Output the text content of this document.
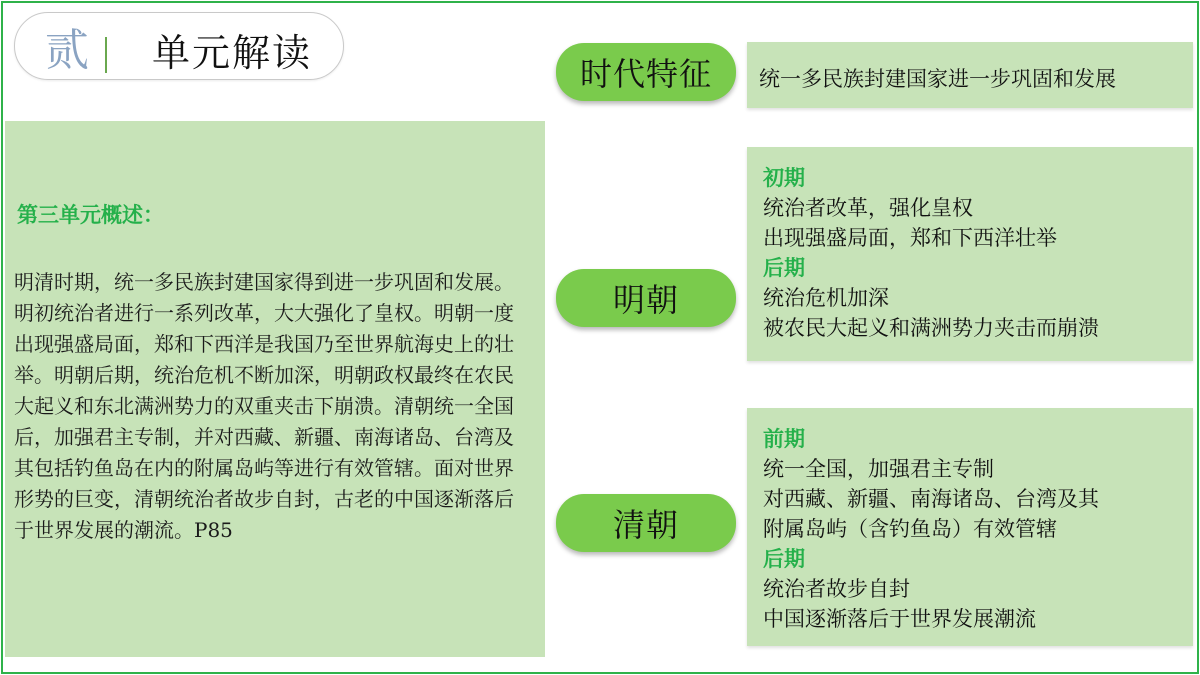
贰 单元解读
第三单元概述：
明清时期，统一多民族封建国家得到进一步巩固和发展。明初统治者进行一系列改革，大大强化了皇权。明朝一度出现强盛局面，郑和下西洋是我国乃至世界航海史上的壮举。明朝后期，统治危机不断加深，明朝政权最终在农民大起义和东北满洲势力的双重夹击下崩溃。清朝统一全国后，加强君主专制，并对西藏、新疆、南海诸岛、台湾及其包括钓鱼岛在内的附属岛屿等进行有效管辖。面对世界形势的巨变，清朝统治者故步自封，古老的中国逐渐落后于世界发展的潮流。P85
时代特征	统一多民族封建国家进一步巩固和发展
明朝
初期
统治者改革，强化皇权
出现强盛局面，郑和下西洋壮举
后期
统治危机加深
被农民大起义和满洲势力夹击而崩溃
清朝
前期
统一全国，加强君主专制
对西藏、新疆、南海诸岛、台湾及其
附属岛屿（含钓鱼岛）有效管辖
后期
统治者故步自封
中国逐渐落后于世界发展潮流
